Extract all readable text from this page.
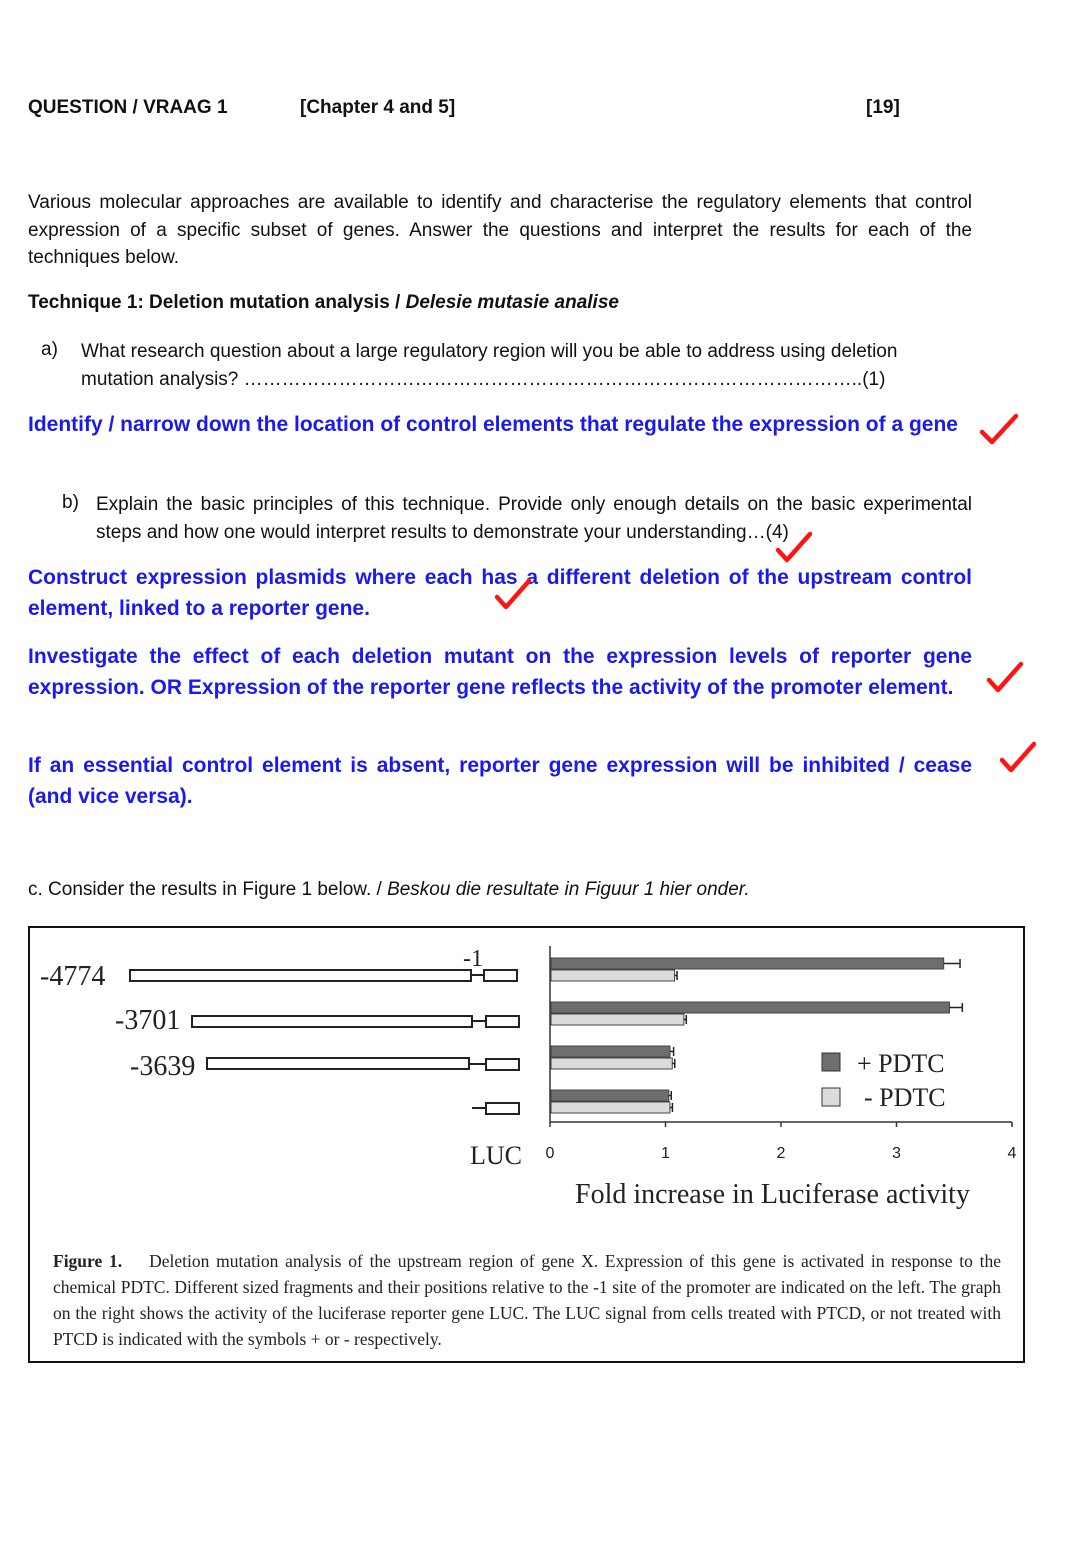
QUESTION / VRAAG 1	[Chapter 4 and 5]	[19]
Various molecular approaches are available to identify and characterise the regulatory elements that control expression of a specific subset of genes. Answer the questions and interpret the results for each of the techniques below.
Technique 1: Deletion mutation analysis / Delesie mutasie analise
a) What research question about a large regulatory region will you be able to address using deletion mutation analysis? ……………………………………………………………………………………..(1)
Identify / narrow down the location of control elements that regulate the expression of a gene
b) Explain the basic principles of this technique. Provide only enough details on the basic experimental steps and how one would interpret results to demonstrate your understanding…(4)
Construct expression plasmids where each has a different deletion of the upstream control element, linked to a reporter gene.
Investigate the effect of each deletion mutant on the expression levels of reporter gene expression. OR Expression of the reporter gene reflects the activity of the promoter element.
If an essential control element is absent, reporter gene expression will be inhibited / cease (and vice versa).
c. Consider the results in Figure 1 below. / Beskou die resultate in Figuur 1 hier onder.
-4774
-1
-3701
-3639
LUC 0	1	2	3	4
Fold increase in Luciferase activity
+ PDTC
- PDTC
Figure 1. Deletion mutation analysis of the upstream region of gene X. Expression of this gene is activated in response to the chemical PDTC. Different sized fragments and their positions relative to the -1 site of the promoter are indicated on the left. The graph on the right shows the activity of the luciferase reporter gene LUC. The LUC signal from cells treated with PTCD, or not treated with PTCD is indicated with the symbols + or - respectively.
